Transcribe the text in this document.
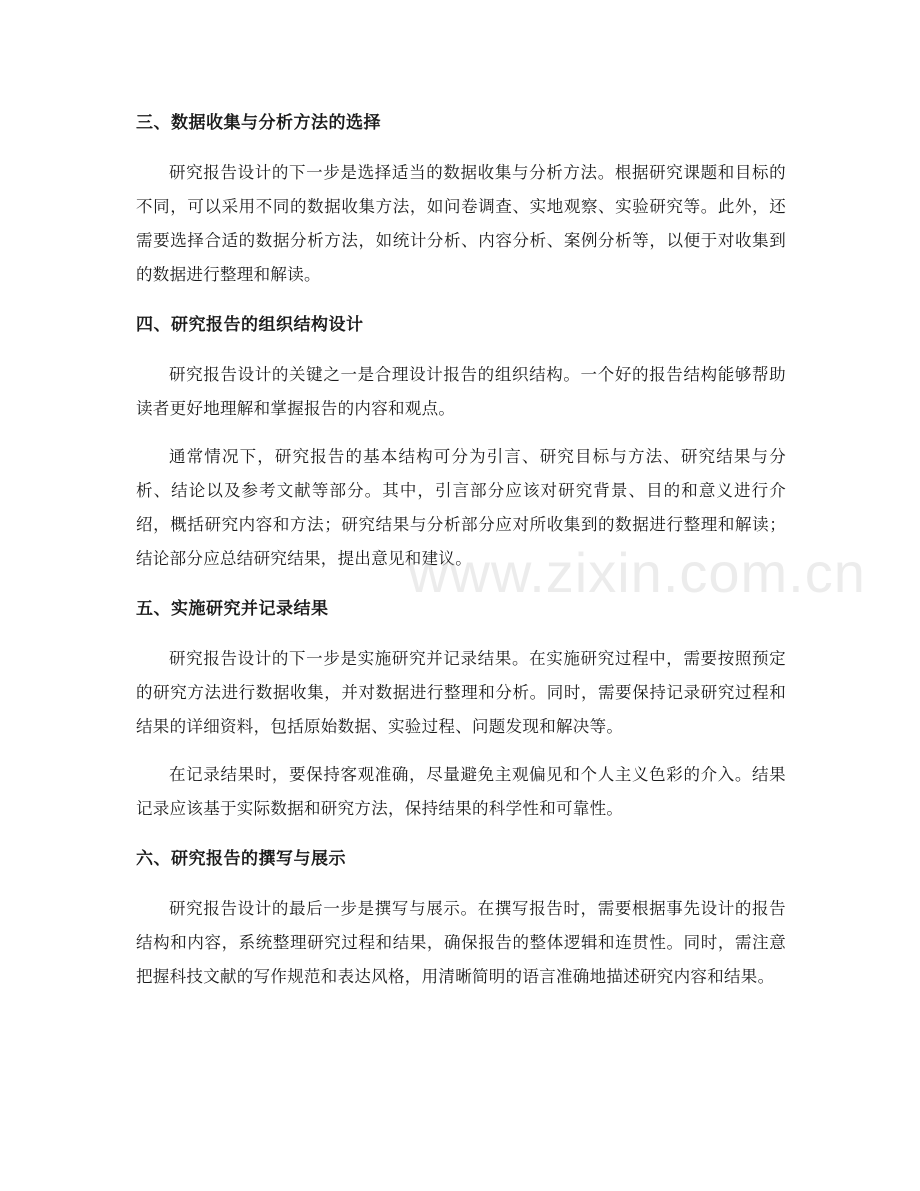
三、数据收集与分析方法的选择

研究报告设计的下一步是选择适当的数据收集与分析方法。根据研究课题和目标的不同，可以采用不同的数据收集方法，如问卷调查、实地观察、实验研究等。此外，还需要选择合适的数据分析方法，如统计分析、内容分析、案例分析等，以便于对收集到的数据进行整理和解读。

四、研究报告的组织结构设计

研究报告设计的关键之一是合理设计报告的组织结构。一个好的报告结构能够帮助读者更好地理解和掌握报告的内容和观点。

通常情况下，研究报告的基本结构可分为引言、研究目标与方法、研究结果与分析、结论以及参考文献等部分。其中，引言部分应该对研究背景、目的和意义进行介绍，概括研究内容和方法；研究结果与分析部分应对所收集到的数据进行整理和解读；结论部分应总结研究结果，提出意见和建议。

五、实施研究并记录结果

研究报告设计的下一步是实施研究并记录结果。在实施研究过程中，需要按照预定的研究方法进行数据收集，并对数据进行整理和分析。同时，需要保持记录研究过程和结果的详细资料，包括原始数据、实验过程、问题发现和解决等。

在记录结果时，要保持客观准确，尽量避免主观偏见和个人主义色彩的介入。结果记录应该基于实际数据和研究方法，保持结果的科学性和可靠性。

六、研究报告的撰写与展示

研究报告设计的最后一步是撰写与展示。在撰写报告时，需要根据事先设计的报告结构和内容，系统整理研究过程和结果，确保报告的整体逻辑和连贯性。同时，需注意把握科技文献的写作规范和表达风格，用清晰简明的语言准确地描述研究内容和结果。

www.zixin.com.cn
